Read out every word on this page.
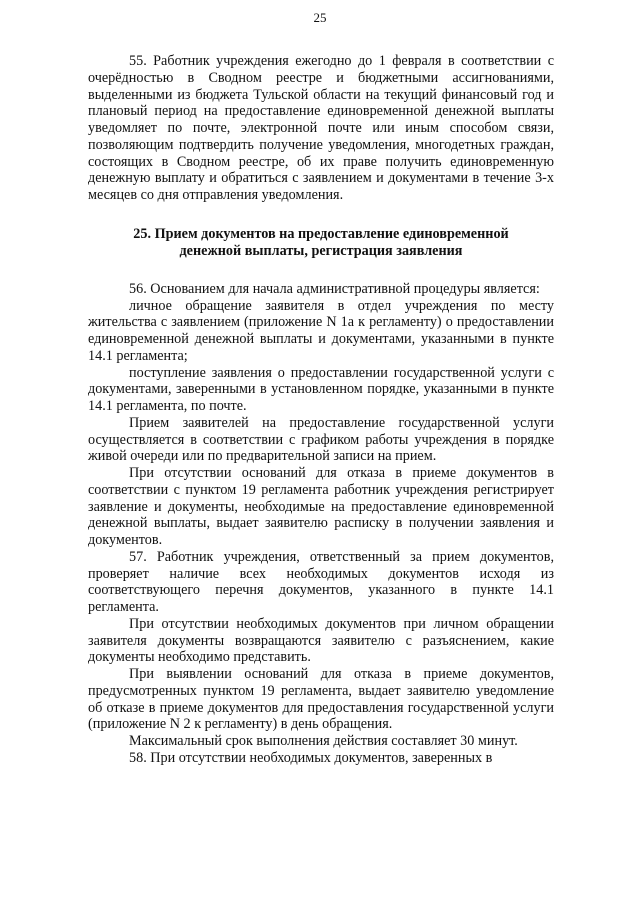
25

55. Работник учреждения ежегодно до 1 февраля в соответствии с очерёдностью в Сводном реестре и бюджетными ассигнованиями, выделенными из бюджета Тульской области на текущий финансовый год и плановый период на предоставление единовременной денежной выплаты уведомляет по почте, электронной почте или иным способом связи, позволяющим подтвердить получение уведомления, многодетных граждан, состоящих в Сводном реестре, об их праве получить единовременную денежную выплату и обратиться с заявлением и документами в течение 3-х месяцев со дня отправления уведомления.

25. Прием документов на предоставление единовременной
денежной выплаты, регистрация заявления

56. Основанием для начала административной процедуры является:

личное обращение заявителя в отдел учреждения по месту жительства с заявлением (приложение N 1а к регламенту) о предоставлении единовременной денежной выплаты и документами, указанными в пункте 14.1 регламента;

поступление заявления о предоставлении государственной услуги с документами, заверенными в установленном порядке, указанными в пункте 14.1 регламента, по почте.

Прием заявителей на предоставление государственной услуги осуществляется в соответствии с графиком работы учреждения в порядке живой очереди или по предварительной записи на прием.

При отсутствии оснований для отказа в приеме документов в соответствии с пунктом 19 регламента работник учреждения регистрирует заявление и документы, необходимые на предоставление единовременной денежной выплаты, выдает заявителю расписку в получении заявления и документов.

57. Работник учреждения, ответственный за прием документов, проверяет наличие всех необходимых документов исходя из соответствующего перечня документов, указанного в пункте 14.1 регламента.

При отсутствии необходимых документов при личном обращении заявителя документы возвращаются заявителю с разъяснением, какие документы необходимо представить.

При выявлении оснований для отказа в приеме документов, предусмотренных пунктом 19 регламента, выдает заявителю уведомление об отказе в приеме документов для предоставления государственной услуги (приложение N 2 к регламенту) в день обращения.

Максимальный срок выполнения действия составляет 30 минут.

58. При отсутствии необходимых документов, заверенных в
